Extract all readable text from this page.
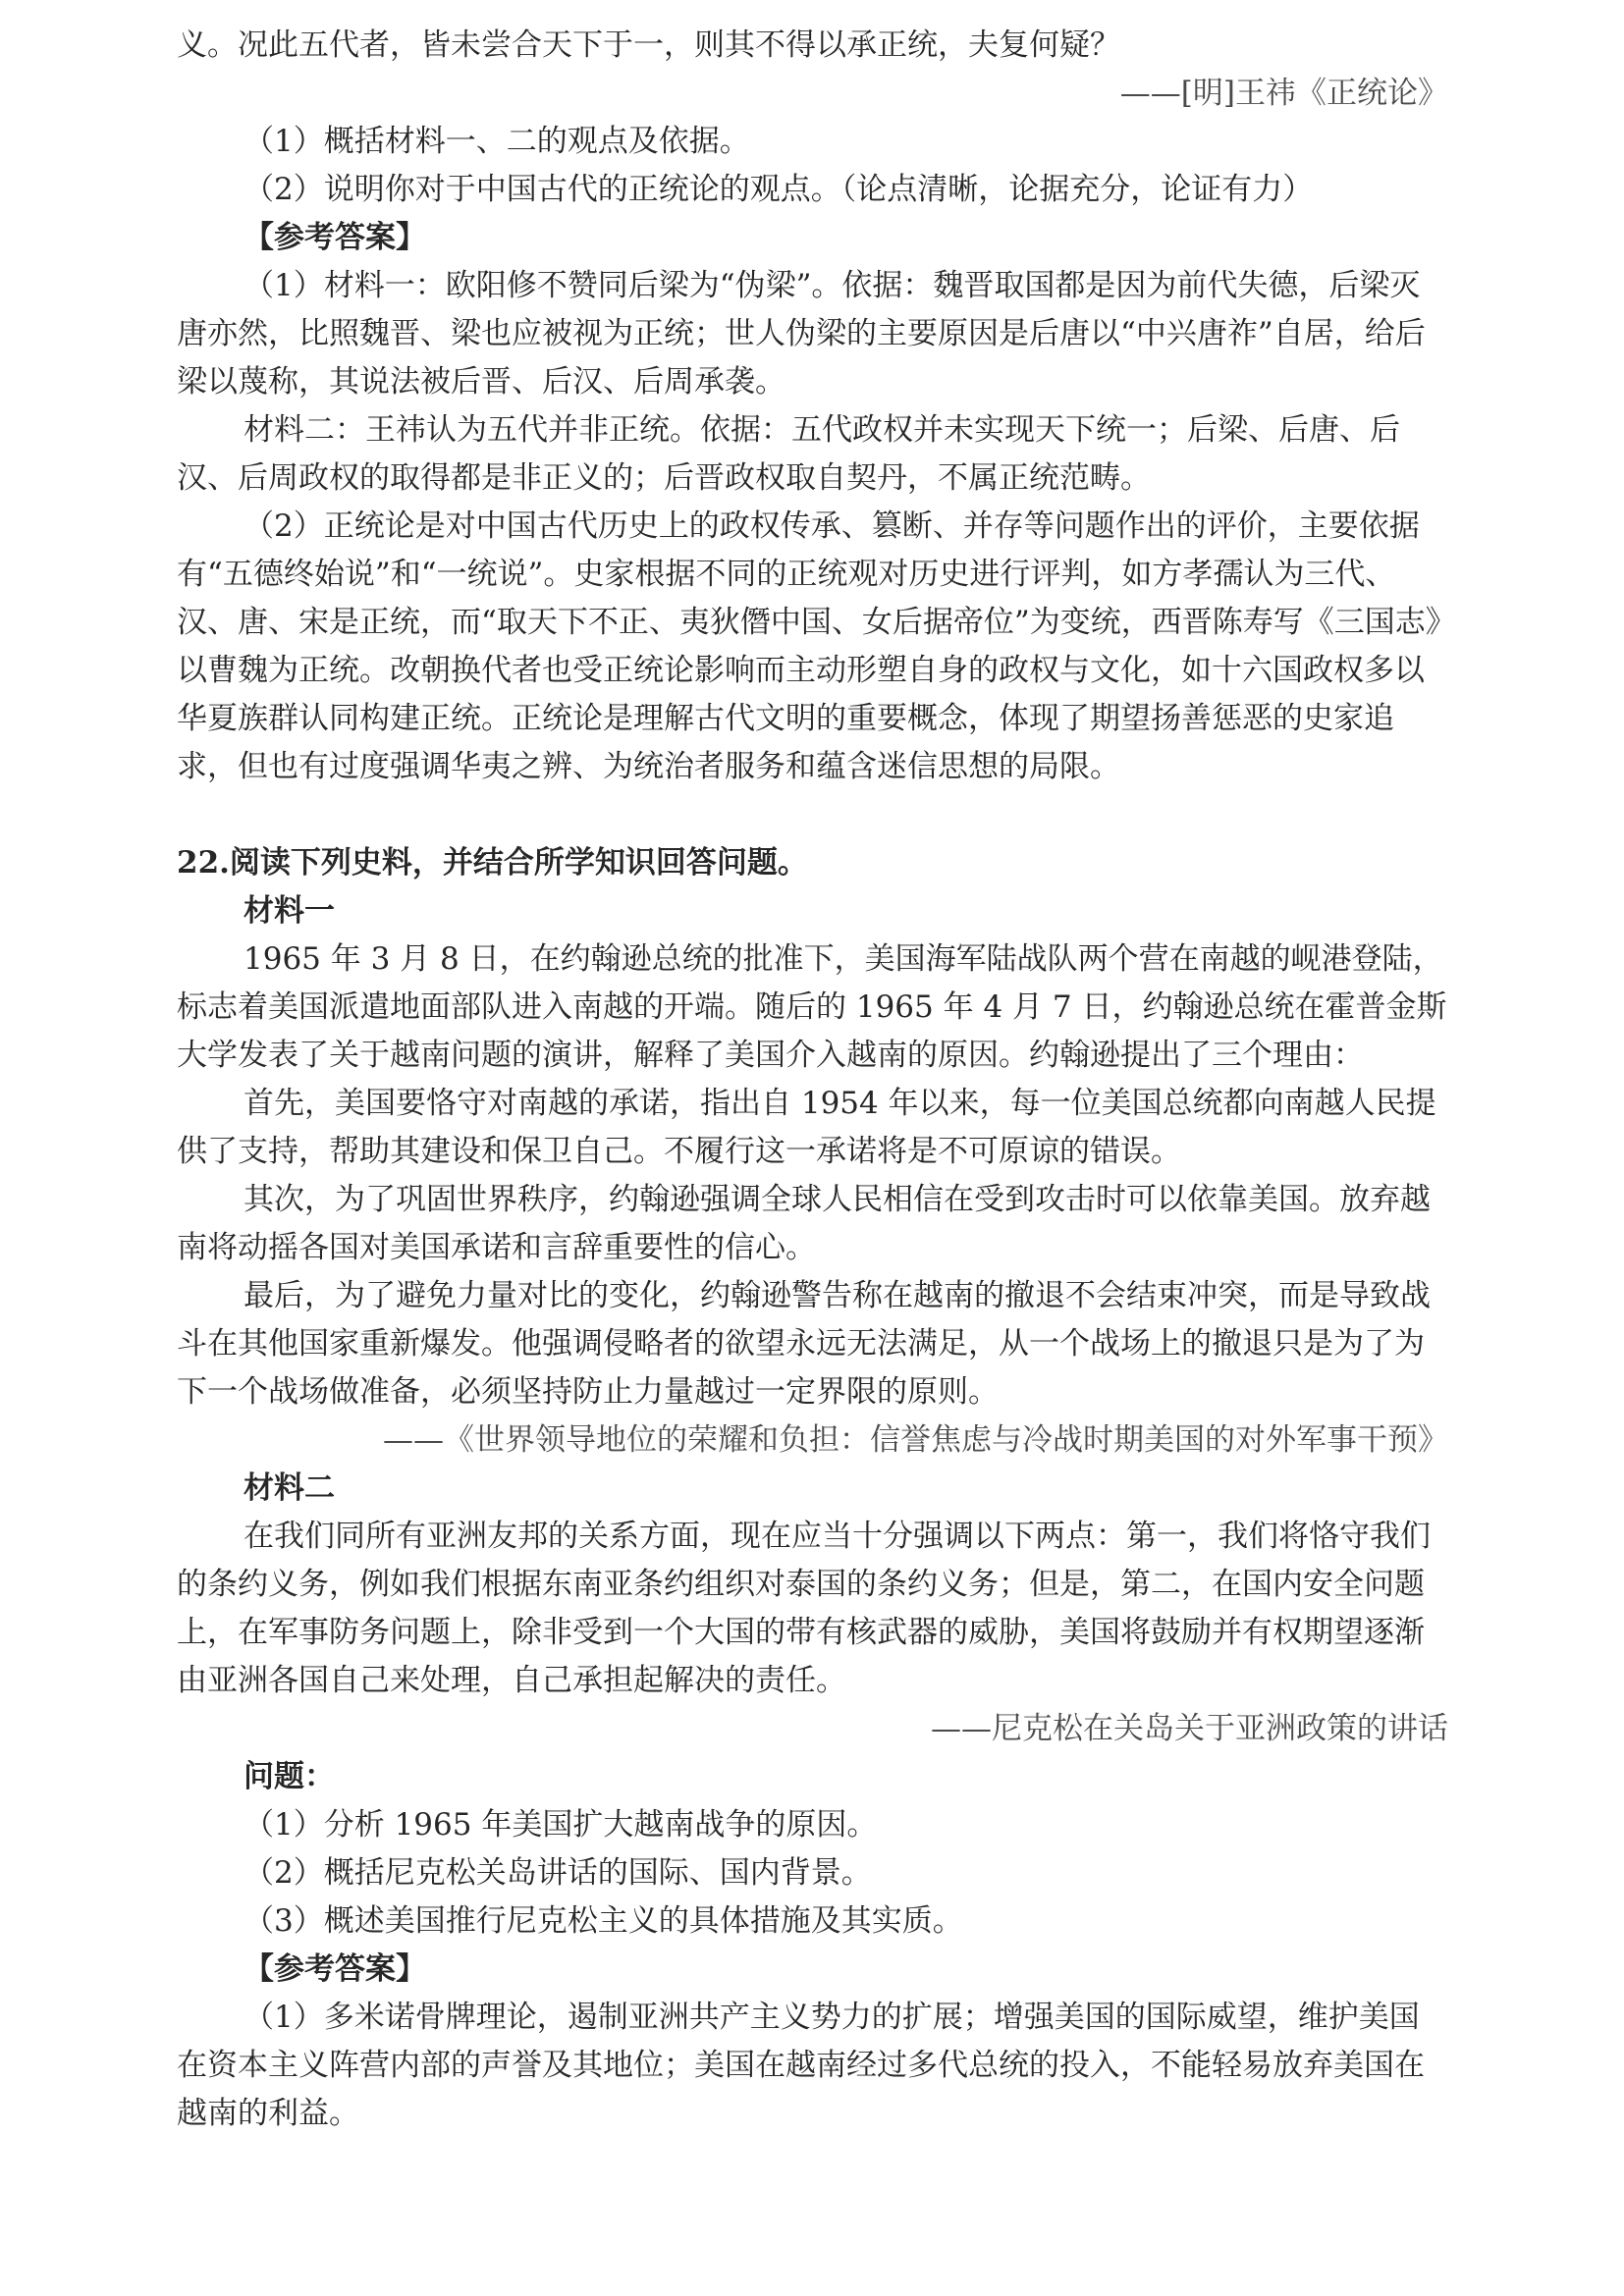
义。况此五代者，皆未尝合天下于一，则其不得以承正统，夫复何疑？

——[明]王祎《正统论》

（1）概括材料一、二的观点及依据。

（2）说明你对于中国古代的正统论的观点。（论点清晰，论据充分，论证有力）

【参考答案】

（1）材料一：欧阳修不赞同后梁为“伪梁”。依据：魏晋取国都是因为前代失德，后梁灭唐亦然，比照魏晋、梁也应被视为正统；世人伪梁的主要原因是后唐以“中兴唐祚”自居，给后梁以蔑称，其说法被后晋、后汉、后周承袭。

材料二：王祎认为五代并非正统。依据：五代政权并未实现天下统一；后梁、后唐、后汉、后周政权的取得都是非正义的；后晋政权取自契丹，不属正统范畴。

（2）正统论是对中国古代历史上的政权传承、篡断、并存等问题作出的评价，主要依据有“五德终始说”和“一统说”。史家根据不同的正统观对历史进行评判，如方孝孺认为三代、汉、唐、宋是正统，而“取天下不正、夷狄僭中国、女后据帝位”为变统，西晋陈寿写《三国志》以曹魏为正统。改朝换代者也受正统论影响而主动形塑自身的政权与文化，如十六国政权多以华夏族群认同构建正统。正统论是理解古代文明的重要概念，体现了期望扬善惩恶的史家追求，但也有过度强调华夷之辨、为统治者服务和蕴含迷信思想的局限。

22.阅读下列史料，并结合所学知识回答问题。

材料一

1965 年 3 月 8 日，在约翰逊总统的批准下，美国海军陆战队两个营在南越的岘港登陆，标志着美国派遣地面部队进入南越的开端。随后的 1965 年 4 月 7 日，约翰逊总统在霍普金斯大学发表了关于越南问题的演讲，解释了美国介入越南的原因。约翰逊提出了三个理由：

首先，美国要恪守对南越的承诺，指出自 1954 年以来，每一位美国总统都向南越人民提供了支持，帮助其建设和保卫自己。不履行这一承诺将是不可原谅的错误。

其次，为了巩固世界秩序，约翰逊强调全球人民相信在受到攻击时可以依靠美国。放弃越南将动摇各国对美国承诺和言辞重要性的信心。

最后，为了避免力量对比的变化，约翰逊警告称在越南的撤退不会结束冲突，而是导致战斗在其他国家重新爆发。他强调侵略者的欲望永远无法满足，从一个战场上的撤退只是为了为下一个战场做准备，必须坚持防止力量越过一定界限的原则。

——《世界领导地位的荣耀和负担：信誉焦虑与冷战时期美国的对外军事干预》

材料二

在我们同所有亚洲友邦的关系方面，现在应当十分强调以下两点：第一，我们将恪守我们的条约义务，例如我们根据东南亚条约组织对泰国的条约义务；但是，第二，在国内安全问题上，在军事防务问题上，除非受到一个大国的带有核武器的威胁，美国将鼓励并有权期望逐渐由亚洲各国自己来处理，自己承担起解决的责任。

——尼克松在关岛关于亚洲政策的讲话

问题：

（1）分析 1965 年美国扩大越南战争的原因。

（2）概括尼克松关岛讲话的国际、国内背景。

（3）概述美国推行尼克松主义的具体措施及其实质。

【参考答案】

（1）多米诺骨牌理论，遏制亚洲共产主义势力的扩展；增强美国的国际威望，维护美国在资本主义阵营内部的声誉及其地位；美国在越南经过多代总统的投入，不能轻易放弃美国在越南的利益。
